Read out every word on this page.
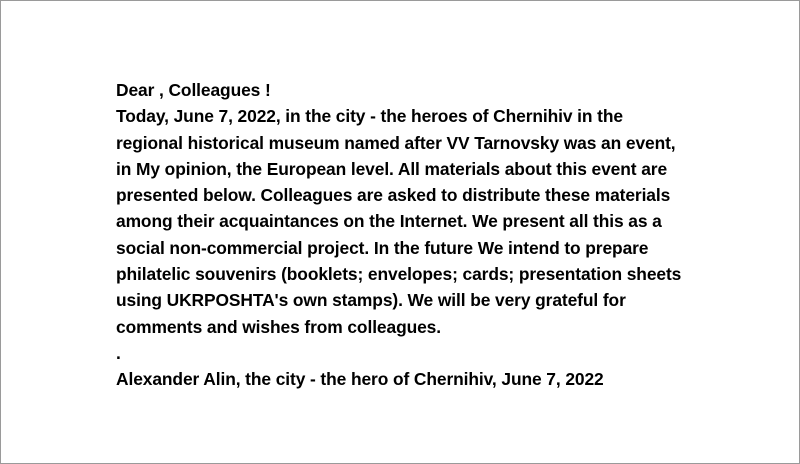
Dear , Colleagues !
Today, June 7, 2022, in the city - the heroes of Chernihiv in the
regional historical museum named after VV Tarnovsky was an event,
in My opinion, the European level. All materials about this event are
presented below. Colleagues are asked to distribute these materials
among their acquaintances on the Internet. We present all this as a
social non-commercial project. In the future We intend to prepare
philatelic souvenirs (booklets; envelopes; cards; presentation sheets
using UKRPOSHTA's own stamps). We will be very grateful for
comments and wishes from colleagues.
.
Alexander Alin, the city - the hero of Chernihiv, June 7, 2022
